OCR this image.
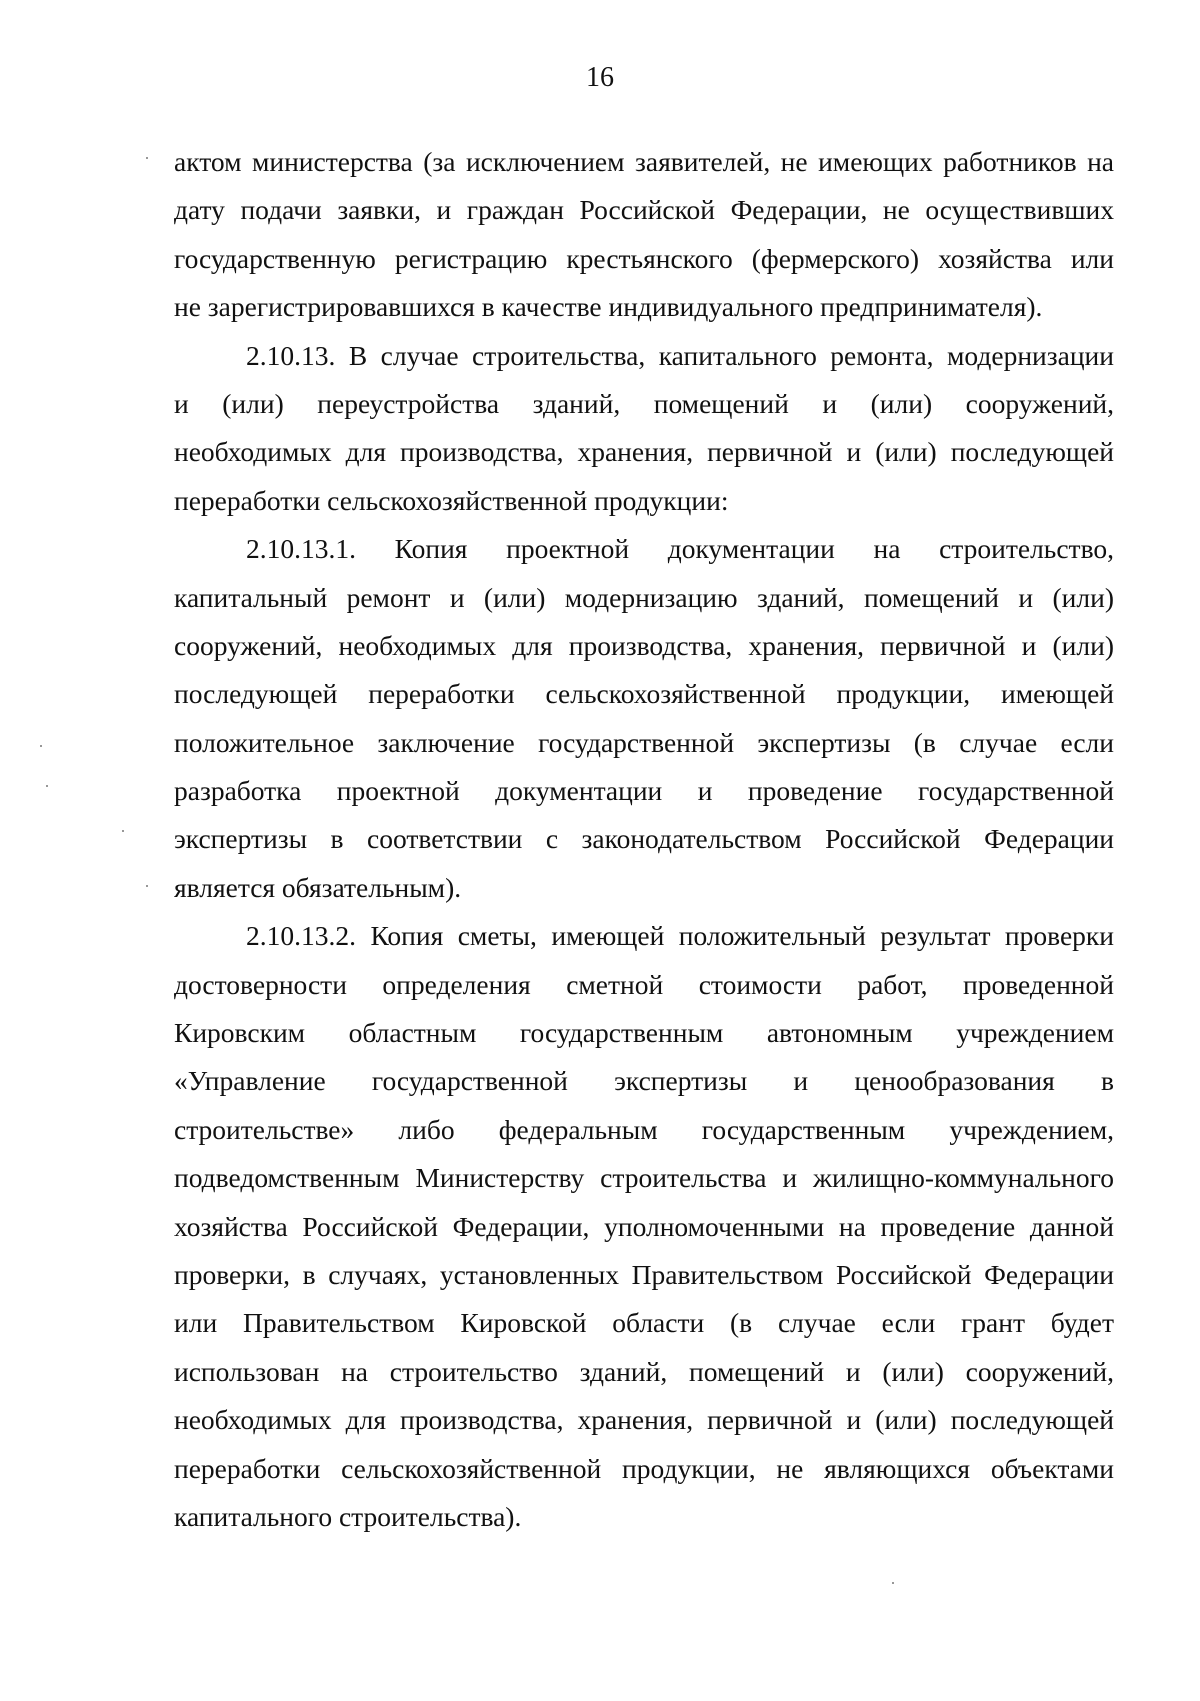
16
актом министерства (за исключением заявителей, не имеющих работников на
дату подачи заявки, и граждан Российской Федерации, не осуществивших
государственную регистрацию крестьянского (фермерского) хозяйства или
не зарегистрировавшихся в качестве индивидуального предпринимателя).
2.10.13. В случае строительства, капитального ремонта, модернизации
и (или) переустройства зданий, помещений и (или) сооружений,
необходимых для производства, хранения, первичной и (или) последующей
переработки сельскохозяйственной продукции:
2.10.13.1. Копия проектной документации на строительство,
капитальный ремонт и (или) модернизацию зданий, помещений и (или)
сооружений, необходимых для производства, хранения, первичной и (или)
последующей переработки сельскохозяйственной продукции, имеющей
положительное заключение государственной экспертизы (в случае если
разработка проектной документации и проведение государственной
экспертизы в соответствии с законодательством Российской Федерации
является обязательным).
2.10.13.2. Копия сметы, имеющей положительный результат проверки
достоверности определения сметной стоимости работ, проведенной
Кировским областным государственным автономным учреждением
«Управление государственной экспертизы и ценообразования в
строительстве» либо федеральным государственным учреждением,
подведомственным Министерству строительства и жилищно-коммунального
хозяйства Российской Федерации, уполномоченными на проведение данной
проверки, в случаях, установленных Правительством Российской Федерации
или Правительством Кировской области (в случае если грант будет
использован на строительство зданий, помещений и (или) сооружений,
необходимых для производства, хранения, первичной и (или) последующей
переработки сельскохозяйственной продукции, не являющихся объектами
капитального строительства).
